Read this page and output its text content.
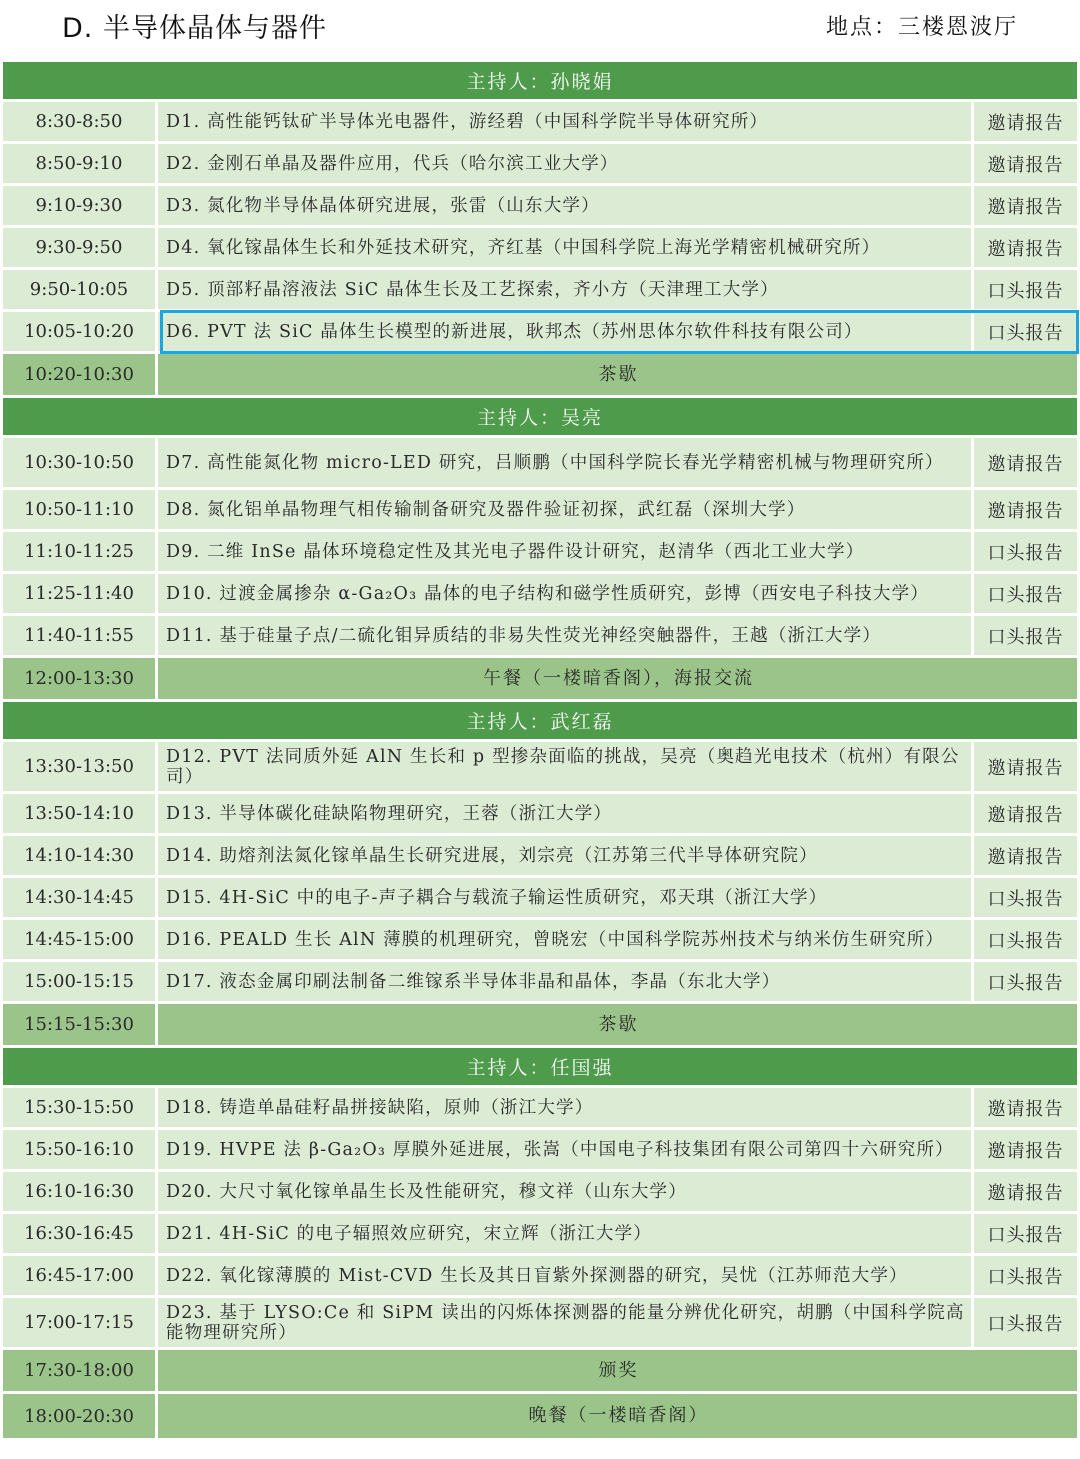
D. 半导体晶体与器件	地点：三楼恩波厅
主持人：孙晓娟
8:30-8:50	D1. 高性能钙钛矿半导体光电器件，游经碧（中国科学院半导体研究所）	邀请报告
8:50-9:10	D2. 金刚石单晶及器件应用，代兵（哈尔滨工业大学）	邀请报告
9:10-9:30	D3. 氮化物半导体晶体研究进展，张雷（山东大学）	邀请报告
9:30-9:50	D4. 氧化镓晶体生长和外延技术研究，齐红基（中国科学院上海光学精密机械研究所）	邀请报告
9:50-10:05	D5. 顶部籽晶溶液法 SiC 晶体生长及工艺探索，齐小方（天津理工大学）	口头报告
10:05-10:20	D6. PVT 法 SiC 晶体生长模型的新进展，耿邦杰（苏州思体尔软件科技有限公司）	口头报告
10:20-10:30	茶歇
主持人：吴亮
10:30-10:50	D7. 高性能氮化物 micro-LED 研究，吕顺鹏（中国科学院长春光学精密机械与物理研究所）	邀请报告
10:50-11:10	D8. 氮化铝单晶物理气相传输制备研究及器件验证初探，武红磊（深圳大学）	邀请报告
11:10-11:25	D9. 二维 InSe 晶体环境稳定性及其光电子器件设计研究，赵清华（西北工业大学）	口头报告
11:25-11:40	D10. 过渡金属掺杂 α-Ga₂O₃ 晶体的电子结构和磁学性质研究，彭博（西安电子科技大学）	口头报告
11:40-11:55	D11. 基于硅量子点/二硫化钼异质结的非易失性荧光神经突触器件，王越（浙江大学）	口头报告
12:00-13:30	午餐（一楼暗香阁），海报交流
主持人：武红磊
13:30-13:50	D12. PVT 法同质外延 AlN 生长和 p 型掺杂面临的挑战，吴亮（奥趋光电技术（杭州）有限公司）	邀请报告
13:50-14:10	D13. 半导体碳化硅缺陷物理研究，王蓉（浙江大学）	邀请报告
14:10-14:30	D14. 助熔剂法氮化镓单晶生长研究进展，刘宗亮（江苏第三代半导体研究院）	邀请报告
14:30-14:45	D15. 4H-SiC 中的电子-声子耦合与载流子输运性质研究，邓天琪（浙江大学）	口头报告
14:45-15:00	D16. PEALD 生长 AlN 薄膜的机理研究，曾晓宏（中国科学院苏州技术与纳米仿生研究所）	口头报告
15:00-15:15	D17. 液态金属印刷法制备二维镓系半导体非晶和晶体，李晶（东北大学）	口头报告
15:15-15:30	茶歇
主持人：任国强
15:30-15:50	D18. 铸造单晶硅籽晶拼接缺陷，原帅（浙江大学）	邀请报告
15:50-16:10	D19. HVPE 法 β-Ga₂O₃ 厚膜外延进展，张嵩（中国电子科技集团有限公司第四十六研究所）	邀请报告
16:10-16:30	D20. 大尺寸氧化镓单晶生长及性能研究，穆文祥（山东大学）	邀请报告
16:30-16:45	D21. 4H-SiC 的电子辐照效应研究，宋立辉（浙江大学）	口头报告
16:45-17:00	D22. 氧化镓薄膜的 Mist-CVD 生长及其日盲紫外探测器的研究，吴忧（江苏师范大学）	口头报告
17:00-17:15	D23. 基于 LYSO:Ce 和 SiPM 读出的闪烁体探测器的能量分辨优化研究，胡鹏（中国科学院高能物理研究所）	口头报告
17:30-18:00	颁奖
18:00-20:30	晚餐（一楼暗香阁）
